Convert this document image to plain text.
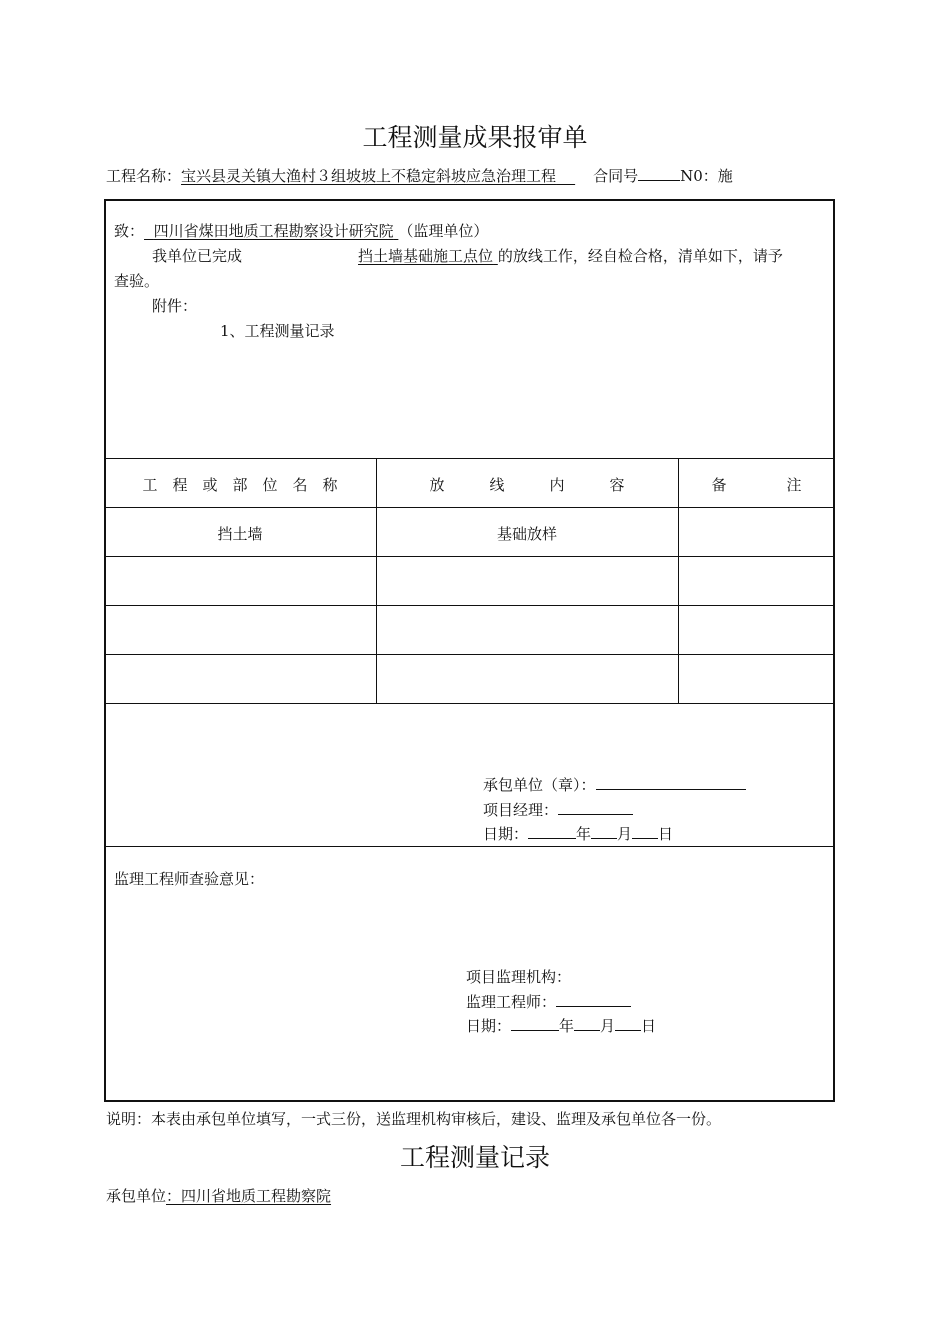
工程测量成果报审单
工程名称：宝兴县灵关镇大渔村３组坡坡上不稳定斜坡应急治理工程 合同号	N0：施
致： 四川省煤田地质工程勘察设计研究院 （监理单位）
我单位已完成	挡土墙基础施工点位 的放线工作，经自检合格，清单如下，请予
查验。
附件：
1、工程测量记录
工　程　或　部　位　名　称	放　　　线　　　内　　　容	备　　　　注
挡土墙	基础放样
承包单位（章）：
项目经理：
日期：	年 月 日
监理工程师查验意见：
项目监理机构：
监理工程师：
日期：	年 月 日
说明：本表由承包单位填写，一式三份，送监理机构审核后，建设、监理及承包单位各一份。
工程测量记录
承包单位：四川省地质工程勘察院
